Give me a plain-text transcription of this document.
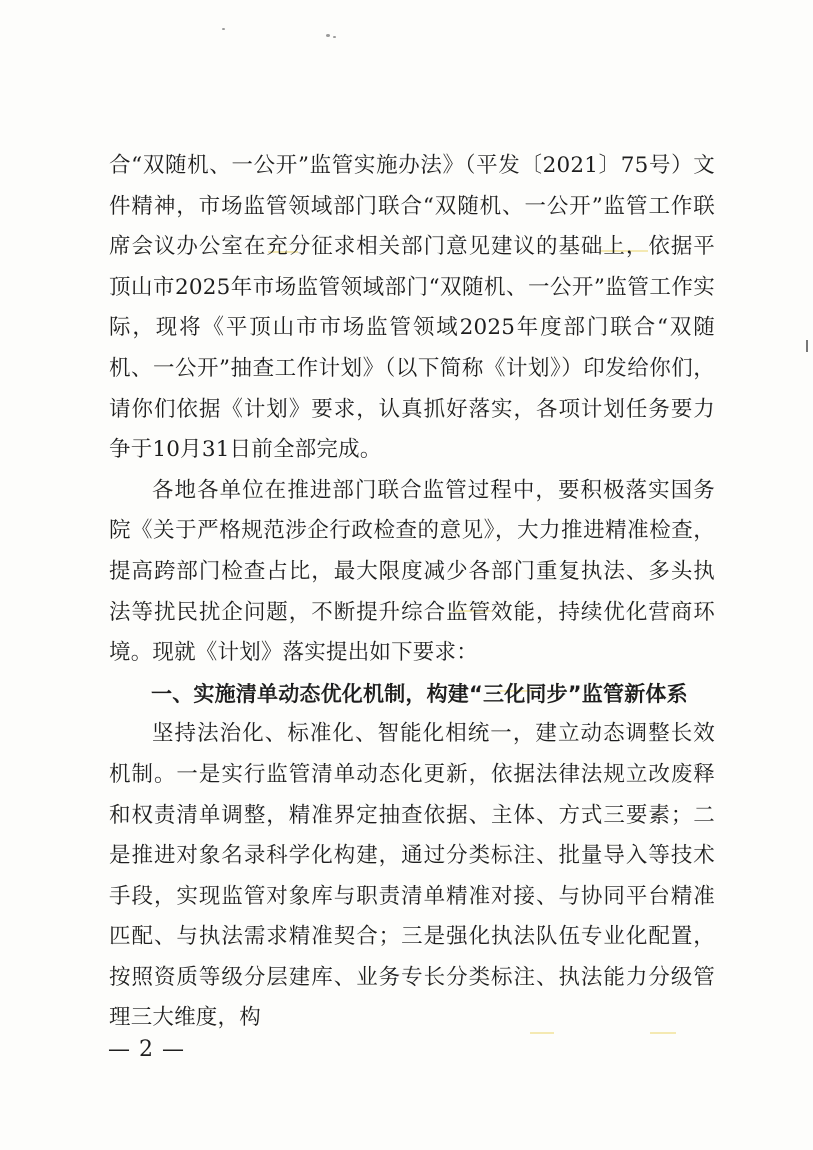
合“双随机、一公开”监管实施办法》（平发〔2021〕75号）文件精神，市场监管领域部门联合“双随机、一公开”监管工作联席会议办公室在充分征求相关部门意见建议的基础上，依据平顶山市2025年市场监管领域部门“双随机、一公开”监管工作实际，现将《平顶山市市场监管领域2025年度部门联合“双随机、一公开”抽查工作计划》（以下简称《计划》）印发给你们，请你们依据《计划》要求，认真抓好落实，各项计划任务要力争于10月31日前全部完成。

各地各单位在推进部门联合监管过程中，要积极落实国务院《关于严格规范涉企行政检查的意见》，大力推进精准检查，提高跨部门检查占比，最大限度减少各部门重复执法、多头执法等扰民扰企问题，不断提升综合监管效能，持续优化营商环境。现就《计划》落实提出如下要求：

一、实施清单动态优化机制，构建“三化同步”监管新体系

坚持法治化、标准化、智能化相统一，建立动态调整长效机制。一是实行监管清单动态化更新，依据法律法规立改废释和权责清单调整，精准界定抽查依据、主体、方式三要素；二是推进对象名录科学化构建，通过分类标注、批量导入等技术手段，实现监管对象库与职责清单精准对接、与协同平台精准匹配、与执法需求精准契合；三是强化执法队伍专业化配置，按照资质等级分层建库、业务专长分类标注、执法能力分级管理三大维度，构

— 2 —
